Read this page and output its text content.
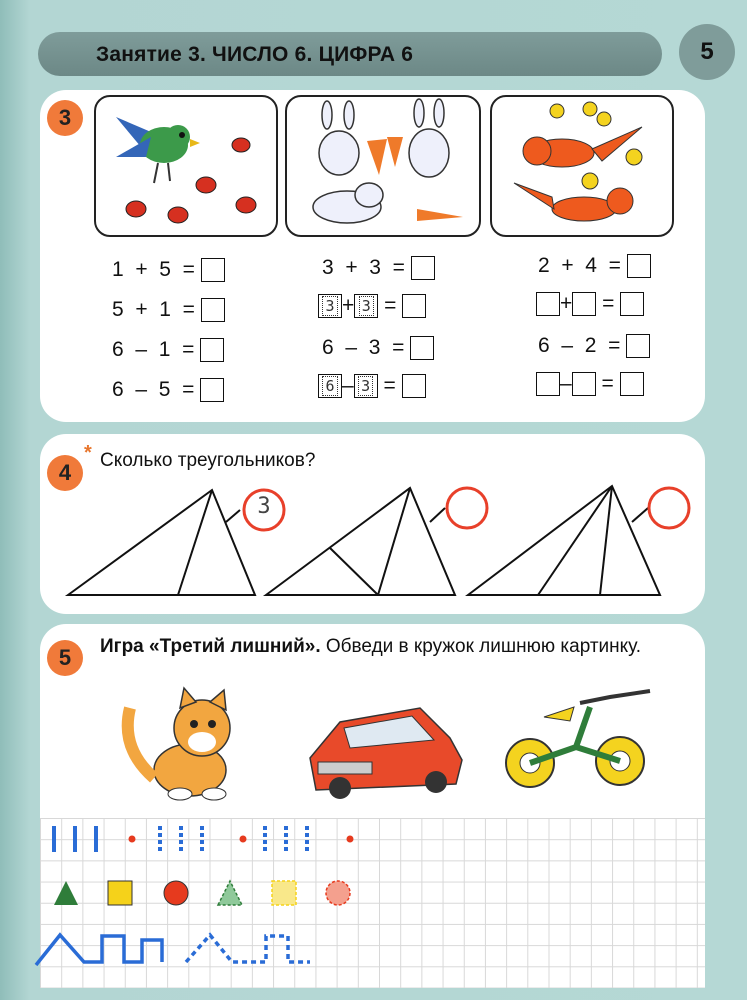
Занятие 3. ЧИСЛО 6. ЦИФРА 6	5
3
1 + 5 =
5 + 1 =
6 – 1 =
6 – 5 =
3 + 3 =
3 + 3 =
6 – 3 =
6 – 3 =
2 + 4 =
+ =
6 – 2 =
– =
4
* Сколько треугольников?
3
5	Игра «Третий лишний». Обведи в кружок лишнюю картинку.
